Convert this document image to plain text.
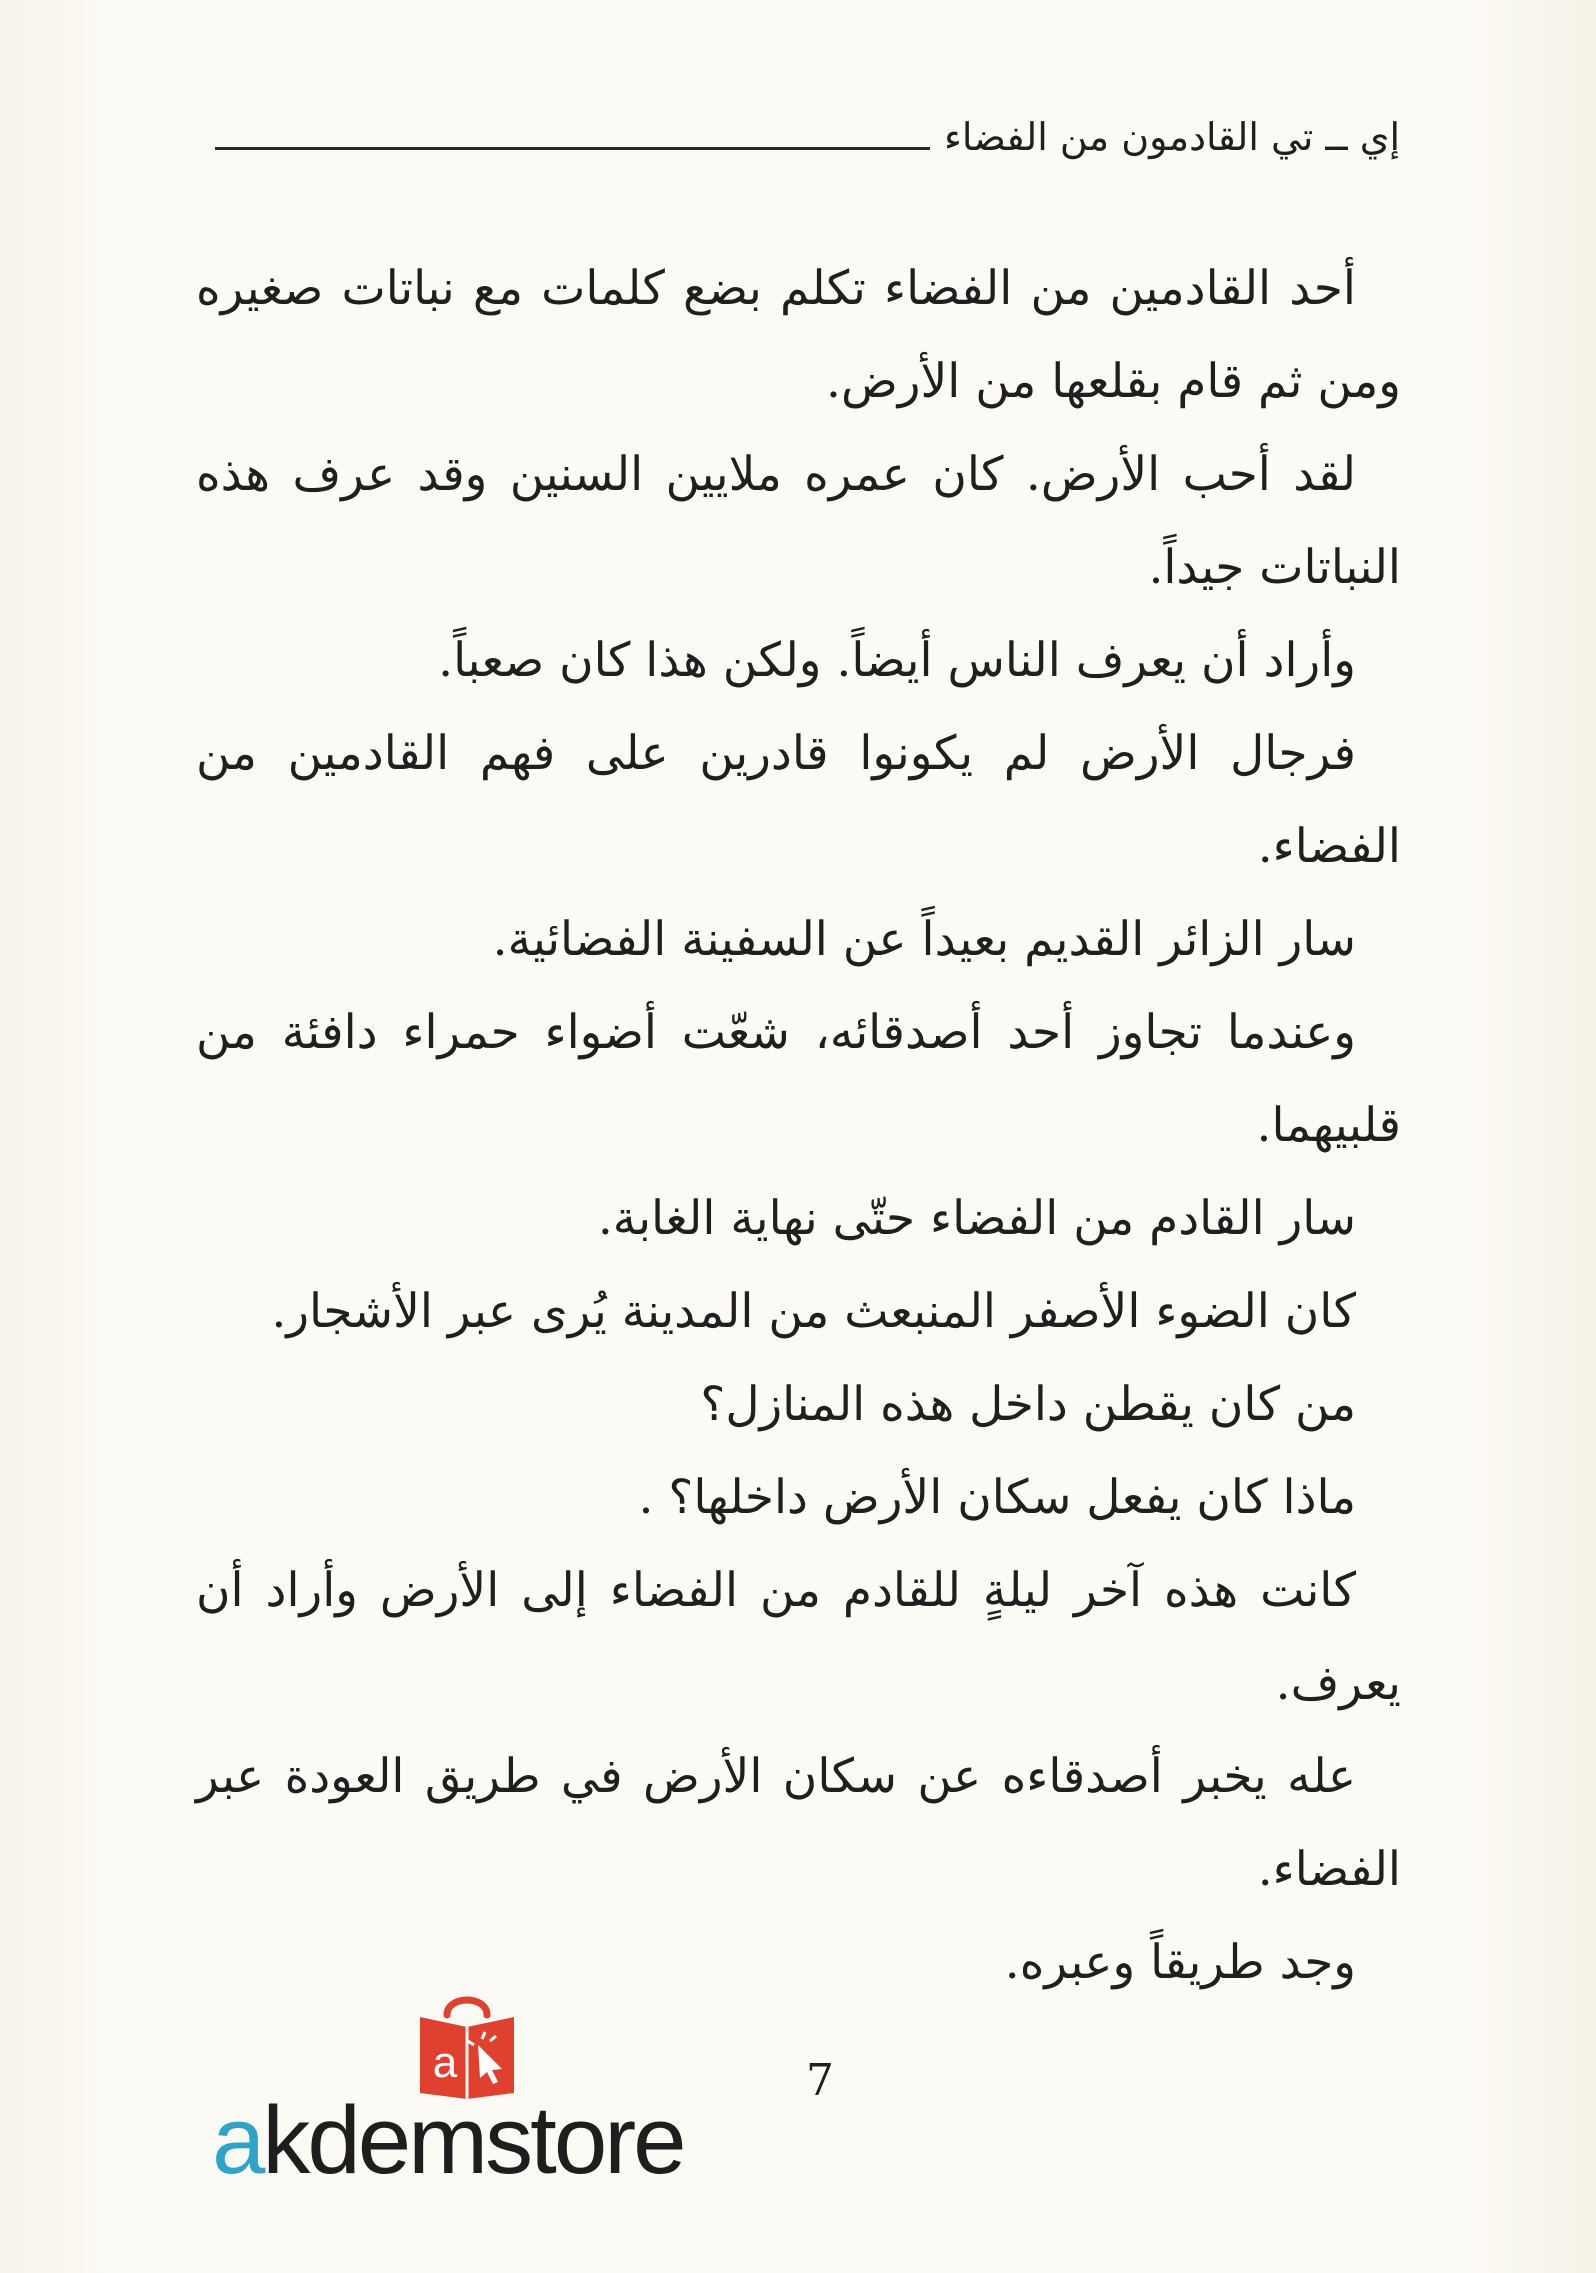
إي ــ تي القادمون من الفضاء

أحد القادمين من الفضاء تكلم بضع كلمات مع نباتات صغيره ومن ثم قام بقلعها من الأرض.

لقد أحب الأرض. كان عمره ملايين السنين وقد عرف هذه النباتات جيداً.

وأراد أن يعرف الناس أيضاً. ولكن هذا كان صعباً.

فرجال الأرض لم يكونوا قادرين على فهم القادمين من الفضاء.

سار الزائر القديم بعيداً عن السفينة الفضائية.

وعندما تجاوز أحد أصدقائه، شعّت أضواء حمراء دافئة من قلبيهما.

سار القادم من الفضاء حتّى نهاية الغابة.

كان الضوء الأصفر المنبعث من المدينة يُرى عبر الأشجار.

من كان يقطن داخل هذه المنازل؟

ماذا كان يفعل سكان الأرض داخلها؟ .

كانت هذه آخر ليلةٍ للقادم من الفضاء إلى الأرض وأراد أن يعرف.

عله يخبر أصدقاءه عن سكان الأرض في طريق العودة عبر الفضاء.

وجد طريقاً وعبره.

7
a
akdemstore
